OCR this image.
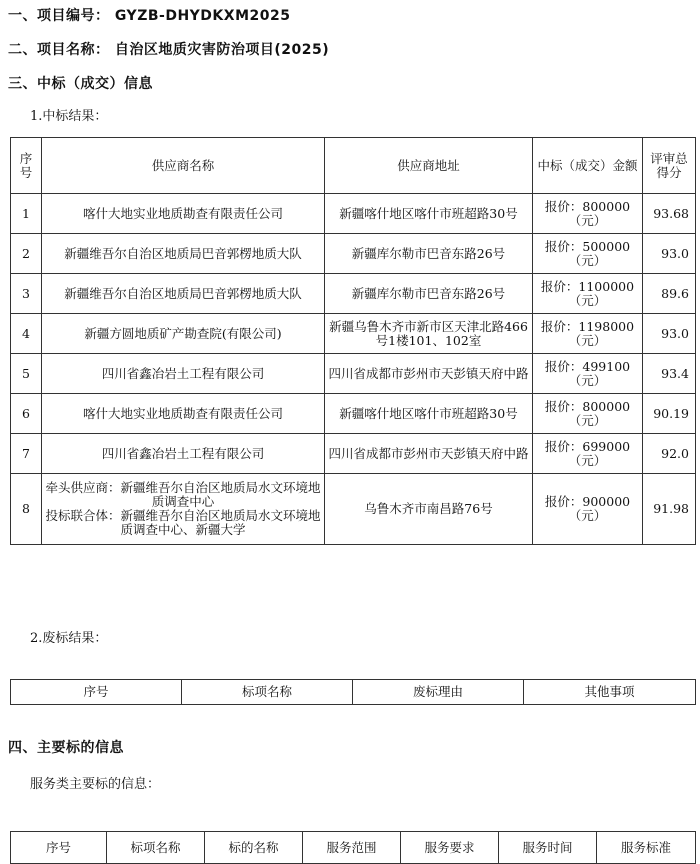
一、项目编号： GYZB-DHYDKXM2025
二、项目名称： 自治区地质灾害防治项目(2025)
三、中标（成交）信息
1.中标结果：
序号	供应商名称	供应商地址	中标（成交）金额	评审总得分
1	喀什大地实业地质勘查有限责任公司	新疆喀什地区喀什市班超路30号	报价：800000（元）	93.68
2	新疆维吾尔自治区地质局巴音郭楞地质大队	新疆库尔勒市巴音东路26号	报价：500000（元）	93.0
3	新疆维吾尔自治区地质局巴音郭楞地质大队	新疆库尔勒市巴音东路26号	报价：1100000（元）	89.6
4	新疆方圆地质矿产勘查院(有限公司)	新疆乌鲁木齐市新市区天津北路466号1楼101、102室	报价：1198000（元）	93.0
5	四川省鑫冶岩土工程有限公司	四川省成都市彭州市天彭镇天府中路	报价：499100（元）	93.4
6	喀什大地实业地质勘查有限责任公司	新疆喀什地区喀什市班超路30号	报价：800000（元）	90.19
7	四川省鑫冶岩土工程有限公司	四川省成都市彭州市天彭镇天府中路	报价：699000（元）	92.0
8	牵头供应商：新疆维吾尔自治区地质局水文环境地质调查中心
投标联合体：新疆维吾尔自治区地质局水文环境地质调查中心、新疆大学	乌鲁木齐市南昌路76号	报价：900000（元）	91.98
2.废标结果：
序号	标项名称	废标理由	其他事项
四、主要标的信息
服务类主要标的信息：
序号	标项名称	标的名称	服务范围	服务要求	服务时间	服务标准
